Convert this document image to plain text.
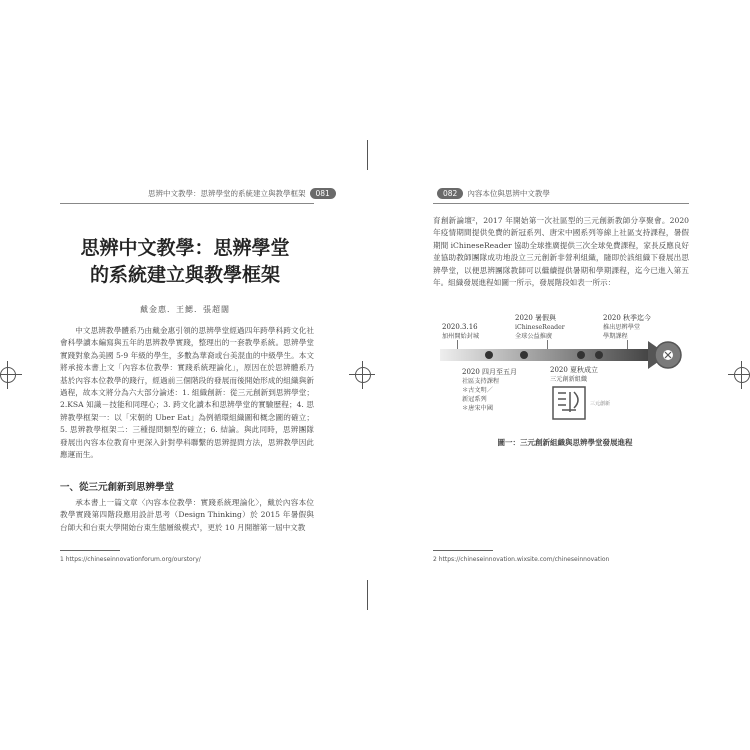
思辨中文教學：思辨學堂的系統建立與教學框架	081
思辨中文教學：思辨學堂
的系統建立與教學框架
戴金惠．王鰓．張超闊

中文思辨教學體系乃由戴金惠引領的思辨學堂經過四年跨學科跨文化社會科學讀本編寫與五年的思辨教學實踐，整理出的一套教學系統。思辨學堂實踐對象為美國 5-9 年級的學生，多數為華裔或台美混血的中級學生。本文將承接本書上文「內容本位教學：實踐系統理論化」，原因在於思辨體系乃基於內容本位教學的踐行，經過前三個階段的發展而後開始形成的組織與新過程，故本文將分為六大部分論述：1. 組織創新：從三元創新到思辨學堂；2.KSA 知識－技能和同理心；3. 跨文化讀本和思辨學堂的實驗歷程；4. 思辨教學框架一：以「宋朝的 Uber Eat」為例循環組織圖和概念圖的確立；5. 思辨教學框架二：三種提問類型的確立；6. 結論。與此同時，思辨團隊發展出內容本位教育中更深入針對學科聯繫的思辨提問方法，思辨教學因此應運而生。

一、從三元創新到思辨學堂

承本書上一篇文章〈內容本位教學：實踐系統理論化〉，戴於內容本位教學實踐第四階段應用設計思考（Design Thinking）於 2015 年暑假與台師大和台東大學開始台東生態層級模式¹，更於 10 月開辦第一屆中文教

1 https://chineseinnovationforum.org/ourstory/
082	內容本位與思辨中文教學

育創新論壇²，2017 年開始第一次社區型的三元創新教師分享聚會。2020 年疫情期間提供免費的新冠系列、唐宋中國系列等線上社區支持課程，暑假期間 iChineseReader 協助全球推廣提供三次全球免費課程，家長反應良好並協助教師團隊成功地設立三元創新非營利組織，隨即於該組織下發展出思辨學堂，以便思辨團隊教師可以繼續提供暑期和學期課程，迄今已進入第五年。組織發展進程如圖一所示，發展階段如表一所示：

2 https://chineseinnovation.wixsite.com/chineseinnovation
2020.3.16
加州開始封城
2020 暑假與
iChineseReader
全球公益推廣
2020 秋季迄今
推出思辨學堂
學期課程
2020 四月至五月
社區支持課程
＊古文明／
新冠系列
＊唐宋中國
2020 夏秋成立
三元創新組織
三元創新
圖一：三元創新組織與思辨學堂發展進程
